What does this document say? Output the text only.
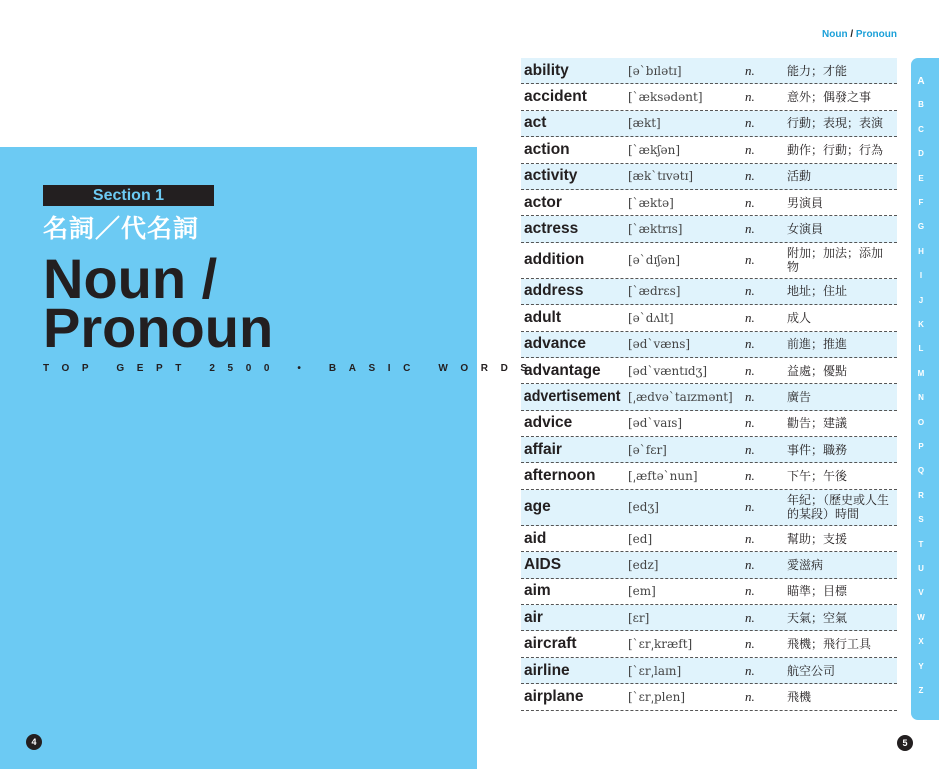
Section 1
名詞／代名詞
Noun /
Pronoun
TOP GEPT 2500 • BASIC WORDS
4
Noun / Pronoun
ability	[əˋbɪlətɪ]	n.	能力；才能
accident	[ˋæksədənt]	n.	意外；偶發之事
act	[ækt]	n.	行動；表現；表演
action	[ˋækʃən]	n.	動作；行動；行為
activity	[ækˋtɪvətɪ]	n.	活動
actor	[ˋæktə]	n.	男演員
actress	[ˋæktrɪs]	n.	女演員
addition	[əˋdɪʃən]	n.	附加；加法；添加物
address	[ˋædrɛs]	n.	地址；住址
adult	[əˋdʌlt]	n.	成人
advance	[ədˋvæns]	n.	前進；推進
advantage	[ədˋvæntɪdʒ]	n.	益處；優點
advertisement [͵ædvəˋtaɪzmənt] n.	廣告
advice	[ədˋvaɪs]	n.	勸告；建議
affair	[əˋfɛr]	n.	事件；職務
afternoon	[͵æftəˋnun]	n.	下午；午後
age	[edʒ]	n.	年紀；（歷史或人生的某段）時間
aid	[ed]	n.	幫助；支援
AIDS	[edz]	n.	愛滋病
aim	[em]	n.	瞄準；目標
air	[ɛr]	n.	天氣；空氣
aircraft	[ˋɛr͵kræft]	n.	飛機；飛行工具
airline	[ˋɛr͵laɪn]	n.	航空公司
airplane	[ˋɛr͵plen]	n.	飛機
A
B
C
D
E
F
G
H
I
J
K
L
M
N
O
P
Q
R
S
T
U
V
W
X
Y
Z
5
